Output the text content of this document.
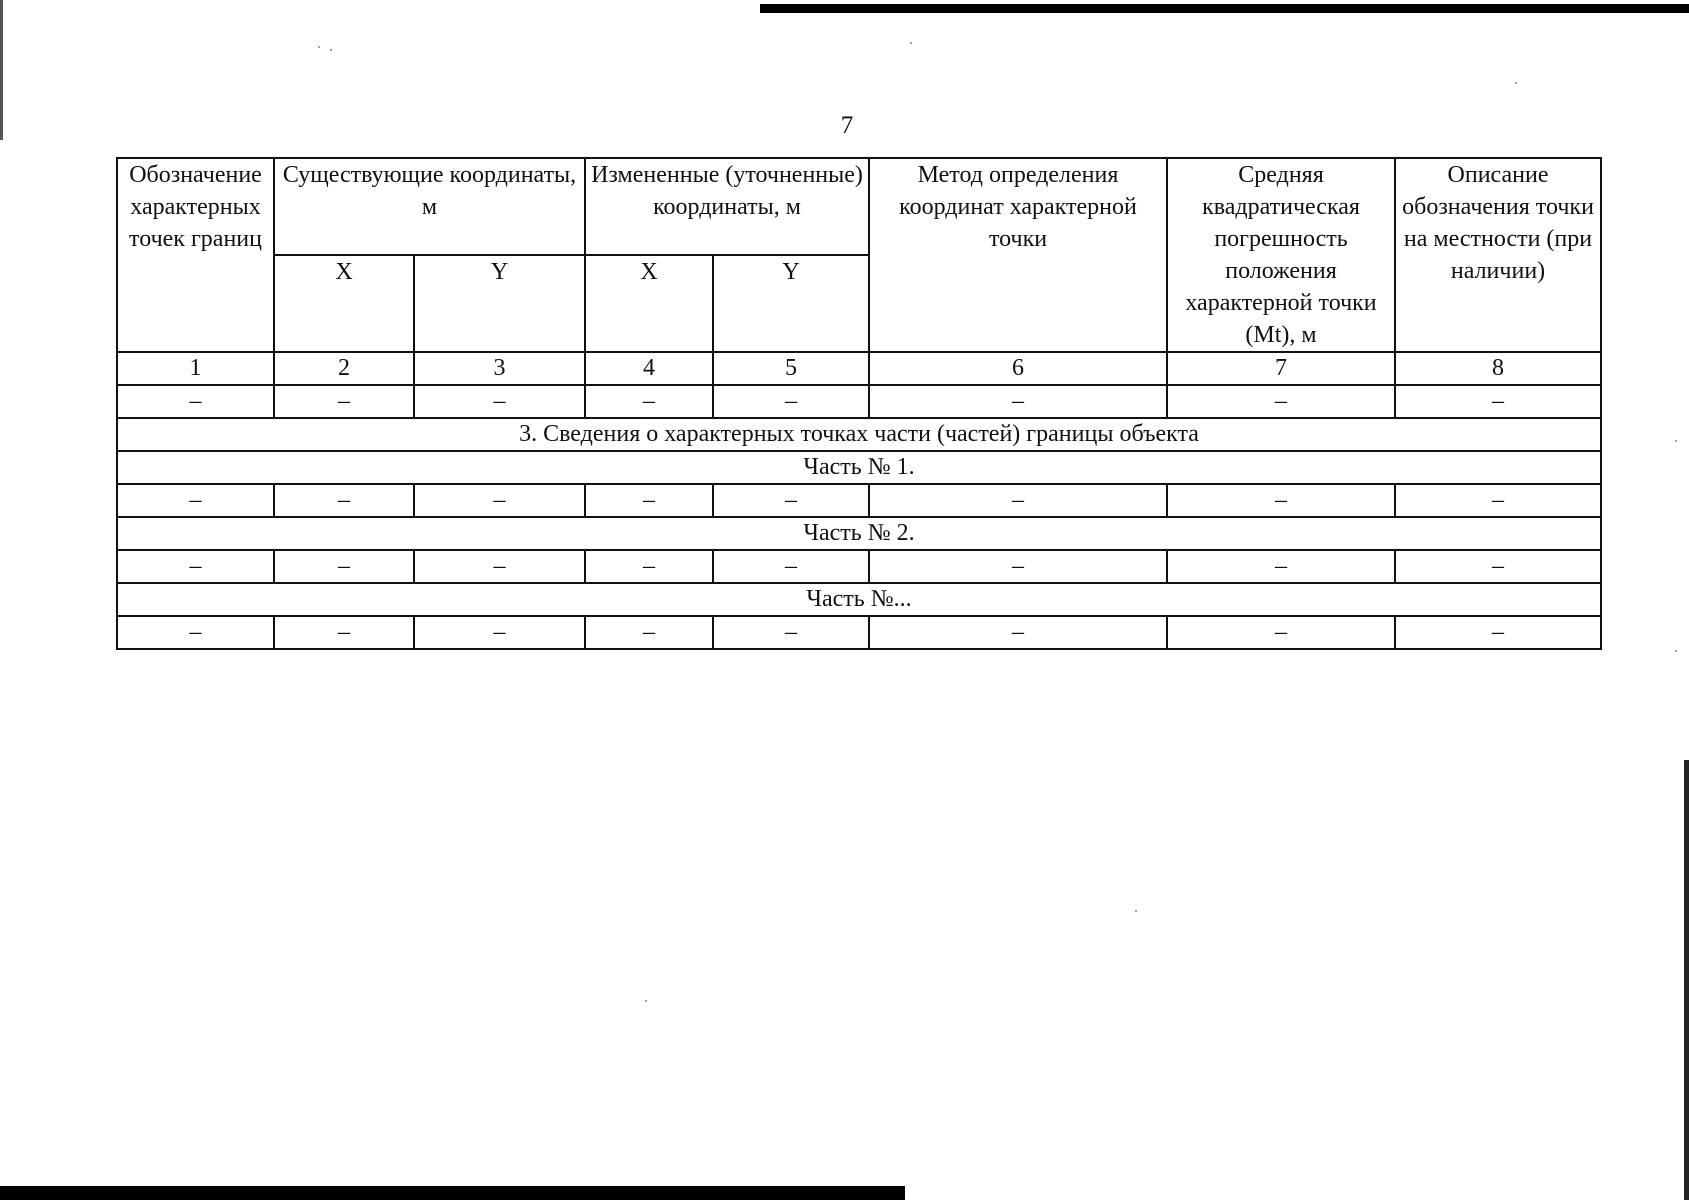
7
Обозначение характерных точек границ	Существующие координаты, м		Измененные (уточненные) координаты, м		Метод определения координат характерной точки	Средняя квадратическая погрешность положения характерной точки (Mt), м	Описание обозначения точки на местности (при наличии)
	X	Y	X	Y			
1	2	3	4	5	6	7	8
–	–	–	–	–	–	–	–
3. Сведения о характерных точках части (частей) границы объекта							
Часть № 1.							
–	–	–	–	–	–	–	–
Часть № 2.							
–	–	–	–	–	–	–	–
Часть №...							
–	–	–	–	–	–	–	–
